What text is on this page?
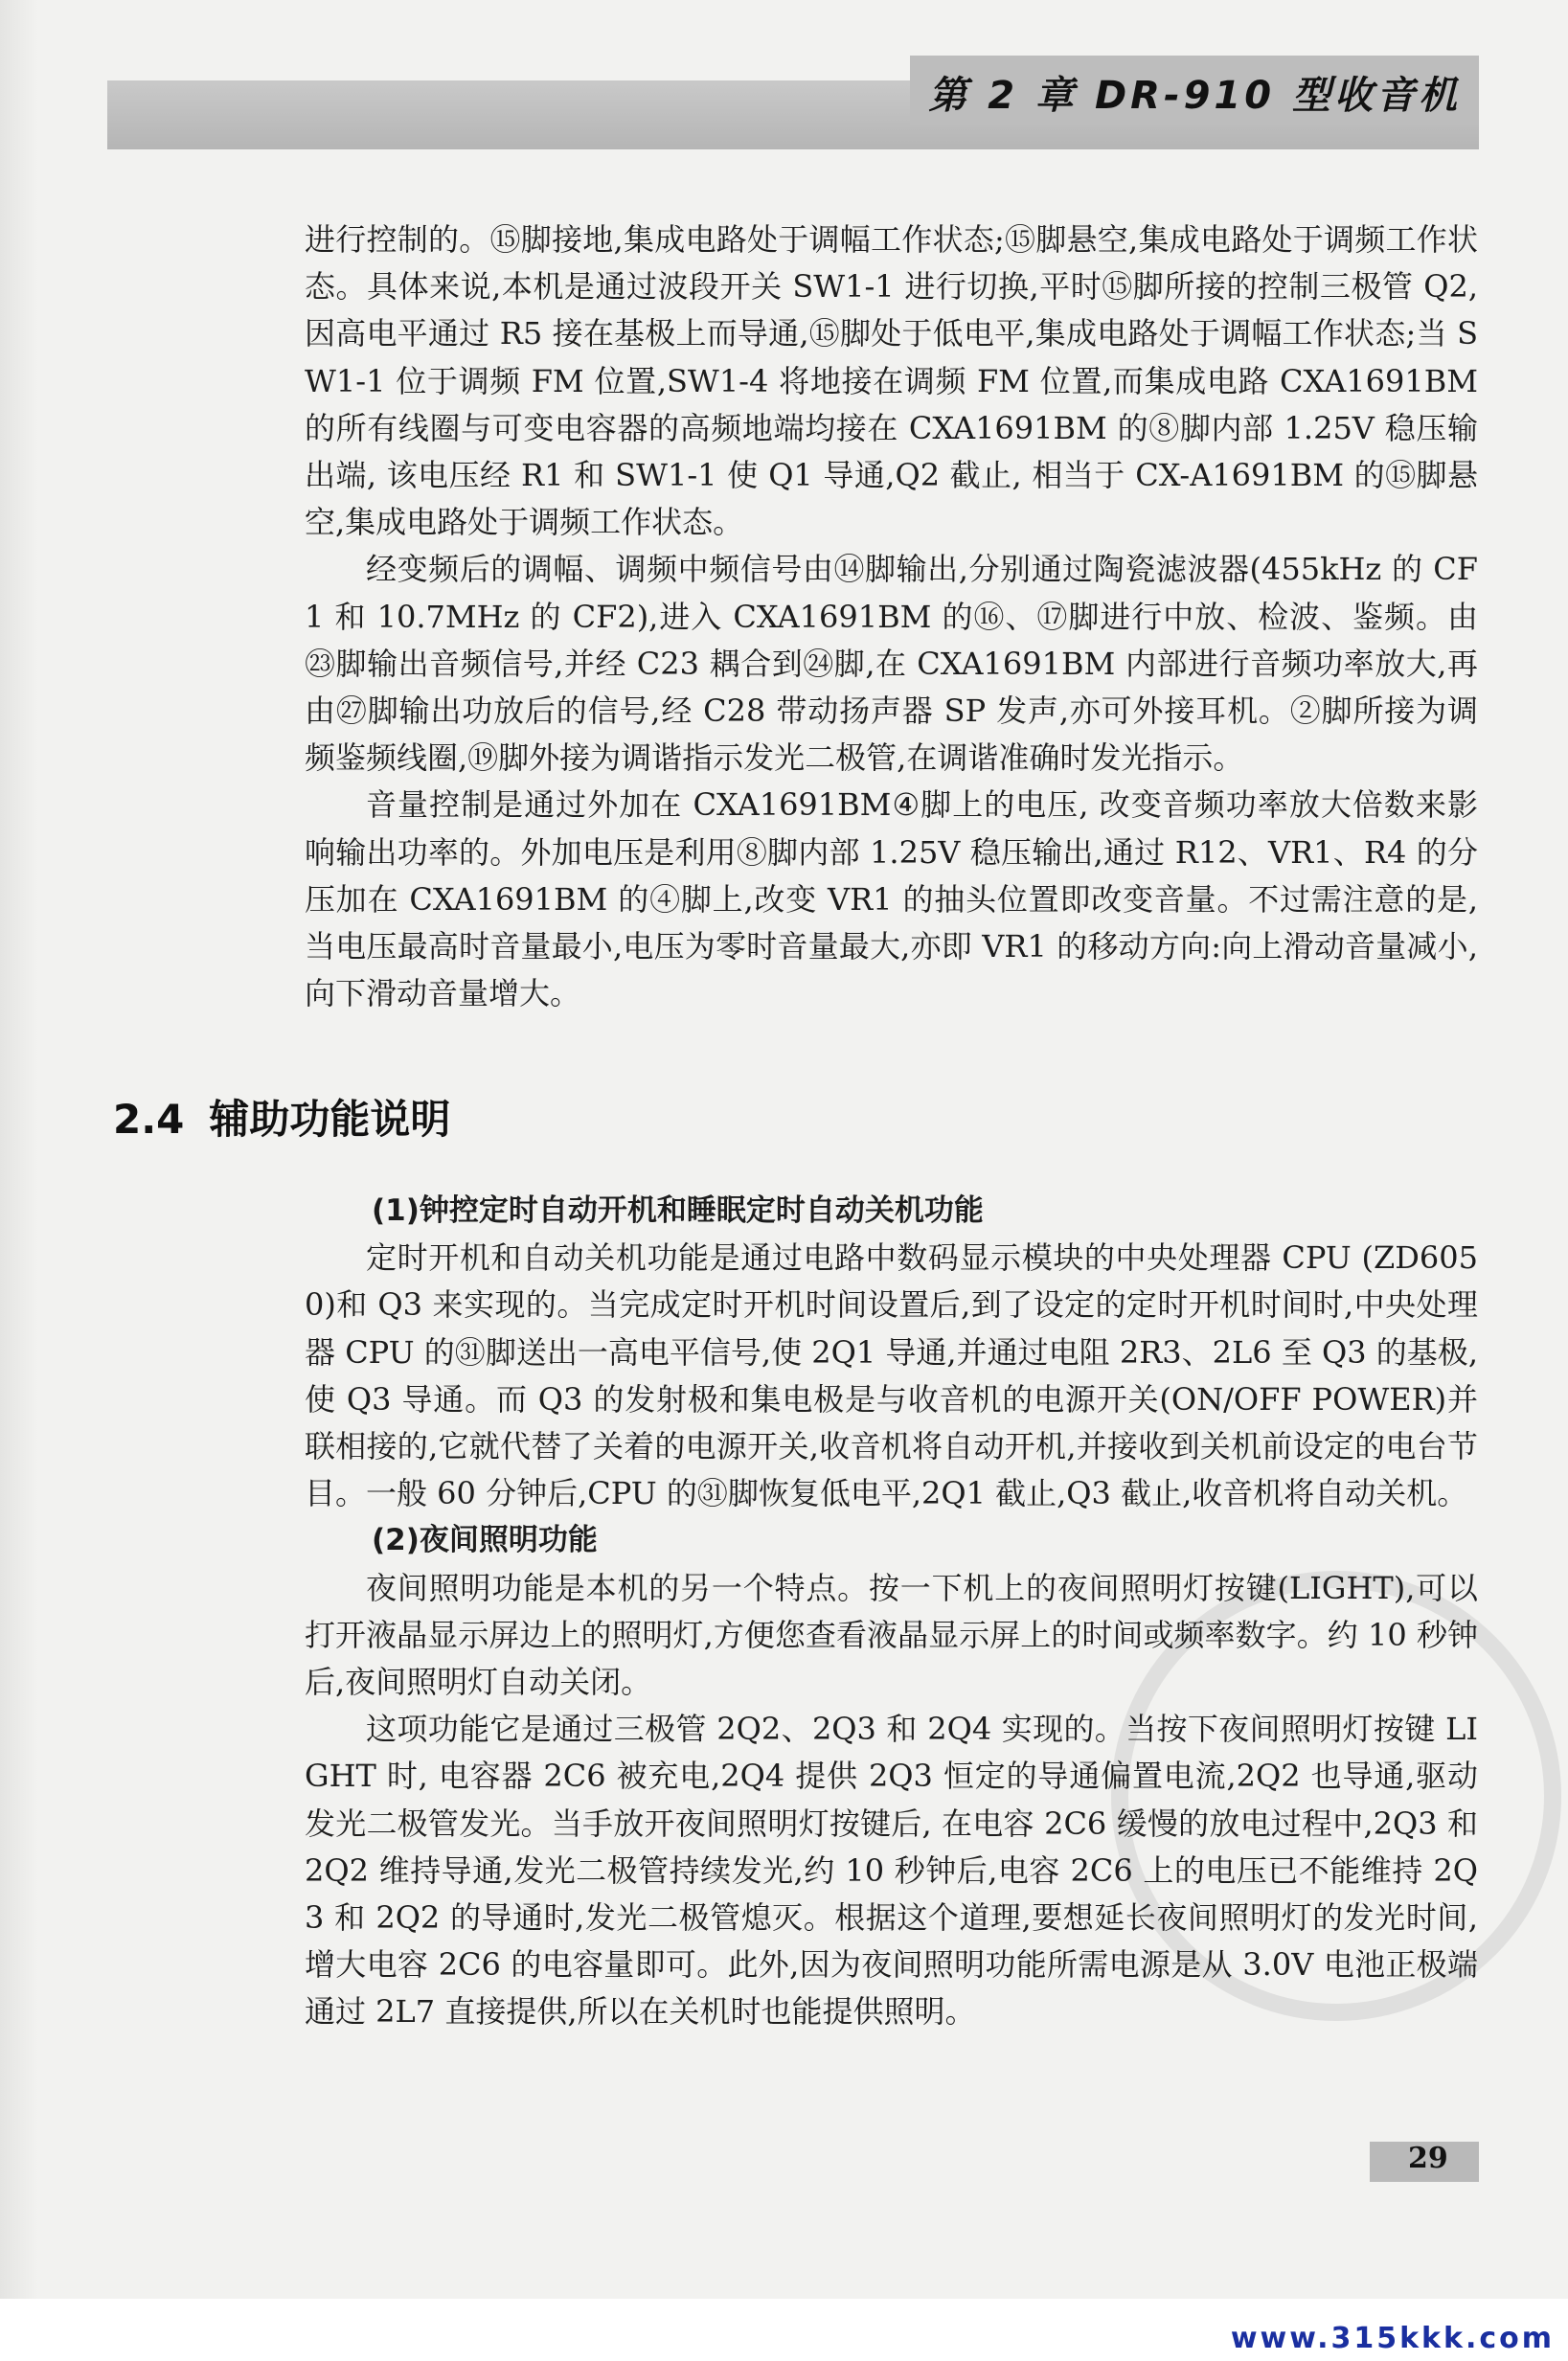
第 2 章 DR-910 型收音机

进行控制的。⑮脚接地,集成电路处于调幅工作状态;⑮脚悬空,集成电路处于调频工作状态。具体来说,本机是通过波段开关 SW1-1 进行切换,平时⑮脚所接的控制三极管 Q2,因高电平通过 R5 接在基极上而导通,⑮脚处于低电平,集成电路处于调幅工作状态;当 SW1-1 位于调频 FM 位置,SW1-4 将地接在调频 FM 位置,而集成电路 CXA1691BM 的所有线圈与可变电容器的高频地端均接在 CXA1691BM 的⑧脚内部 1.25V 稳压输出端, 该电压经 R1 和 SW1-1 使 Q1 导通,Q2 截止, 相当于 CX-A1691BM 的⑮脚悬空,集成电路处于调频工作状态。

经变频后的调幅、调频中频信号由⑭脚输出,分别通过陶瓷滤波器(455kHz 的 CF1 和 10.7MHz 的 CF2),进入 CXA1691BM 的⑯、⑰脚进行中放、检波、鉴频。由㉓脚输出音频信号,并经 C23 耦合到㉔脚,在 CXA1691BM 内部进行音频功率放大,再由㉗脚输出功放后的信号,经 C28 带动扬声器 SP 发声,亦可外接耳机。②脚所接为调频鉴频线圈,⑲脚外接为调谐指示发光二极管,在调谐准确时发光指示。

音量控制是通过外加在 CXA1691BM④脚上的电压, 改变音频功率放大倍数来影响输出功率的。外加电压是利用⑧脚内部 1.25V 稳压输出,通过 R12、VR1、R4 的分压加在 CXA1691BM 的④脚上,改变 VR1 的抽头位置即改变音量。不过需注意的是,当电压最高时音量最小,电压为零时音量最大,亦即 VR1 的移动方向:向上滑动音量减小,向下滑动音量增大。

2.4 辅助功能说明

(1)钟控定时自动开机和睡眠定时自动关机功能

定时开机和自动关机功能是通过电路中数码显示模块的中央处理器 CPU (ZD6050)和 Q3 来实现的。当完成定时开机时间设置后,到了设定的定时开机时间时,中央处理器 CPU 的㉛脚送出一高电平信号,使 2Q1 导通,并通过电阻 2R3、2L6 至 Q3 的基极, 使 Q3 导通。而 Q3 的发射极和集电极是与收音机的电源开关(ON/OFF POWER)并联相接的,它就代替了关着的电源开关,收音机将自动开机,并接收到关机前设定的电台节目。一般 60 分钟后,CPU 的㉛脚恢复低电平,2Q1 截止,Q3 截止,收音机将自动关机。

(2)夜间照明功能

夜间照明功能是本机的另一个特点。按一下机上的夜间照明灯按键(LIGHT),可以打开液晶显示屏边上的照明灯,方便您查看液晶显示屏上的时间或频率数字。约 10 秒钟后,夜间照明灯自动关闭。

这项功能它是通过三极管 2Q2、2Q3 和 2Q4 实现的。当按下夜间照明灯按键 LIGHT 时, 电容器 2C6 被充电,2Q4 提供 2Q3 恒定的导通偏置电流,2Q2 也导通,驱动发光二极管发光。当手放开夜间照明灯按键后, 在电容 2C6 缓慢的放电过程中,2Q3 和 2Q2 维持导通,发光二极管持续发光,约 10 秒钟后,电容 2C6 上的电压已不能维持 2Q3 和 2Q2 的导通时,发光二极管熄灭。根据这个道理,要想延长夜间照明灯的发光时间,增大电容 2C6 的电容量即可。此外,因为夜间照明功能所需电源是从 3.0V 电池正极端通过 2L7 直接提供,所以在关机时也能提供照明。

29
www.315kkk.com
